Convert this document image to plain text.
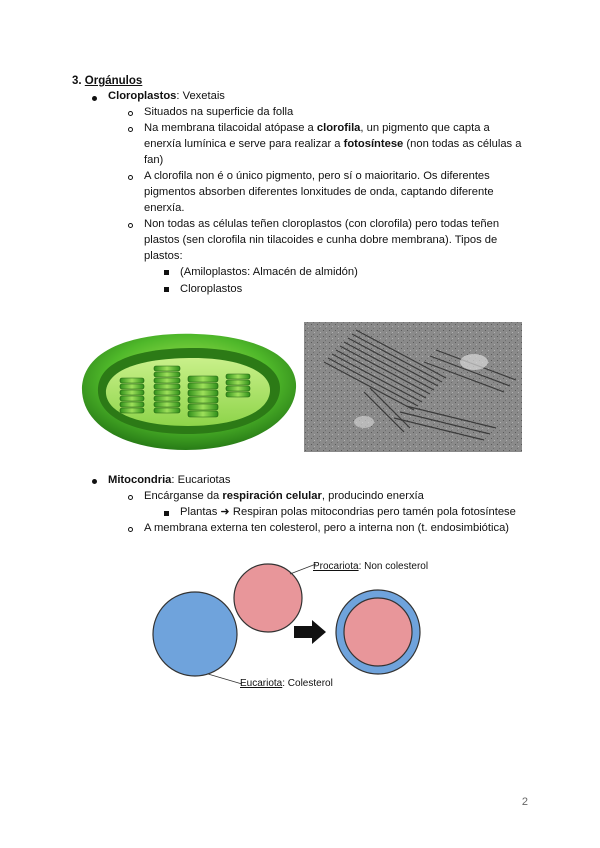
3. Orgánulos
Cloroplastos: Vexetais
Situados na superficie da folla
Na membrana tilacoidal atópase a clorofila, un pigmento que capta a
enerxía lumínica e serve para realizar a fotosíntese (non todas as células a
fan)
A clorofila non é o único pigmento, pero sí o maioritario. Os diferentes
pigmentos absorben diferentes lonxitudes de onda, captando diferente
enerxía.
Non todas as células teñen cloroplastos (con clorofila) pero todas teñen
plastos (sen clorofila nin tilacoides e cunha dobre membrana). Tipos de
plastos:
(Amiloplastos: Almacén de almidón)
Cloroplastos
Mitocondria: Eucariotas
Encárganse da respiración celular, producindo enerxía
Plantas ➜ Respiran polas mitocondrias pero tamén pola fotosíntese
A membrana externa ten colesterol, pero a interna non (t. endosimbiótica)
Procariota: Non colesterol
Eucariota: Colesterol
2
